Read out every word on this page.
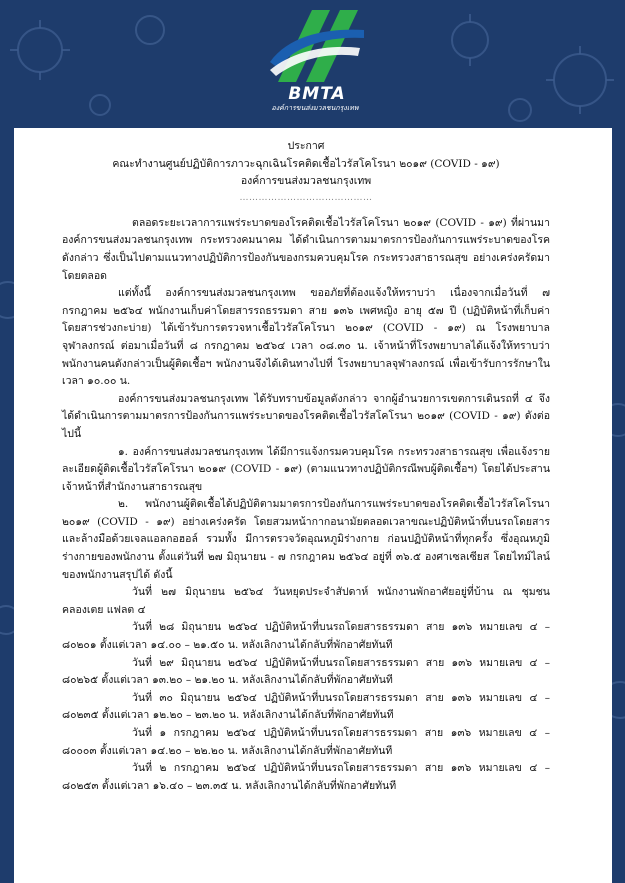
BMTA
องค์การขนส่งมวลชนกรุงเทพ
ประกาศ
คณะทำงานศูนย์ปฏิบัติการภาวะฉุกเฉินโรคติดเชื้อไวรัสโคโรนา ๒๐๑๙ (COVID - ๑๙)
องค์การขนส่งมวลชนกรุงเทพ
……………………………………

ตลอดระยะเวลาการแพร่ระบาดของโรคติดเชื้อไวรัสโคโรนา ๒๐๑๙ (COVID - ๑๙) ที่ผ่านมาองค์การขนส่งมวลชนกรุงเทพ กระทรวงคมนาคม ได้ดำเนินการตามมาตรการป้องกันการแพร่ระบาดของโรคดังกล่าว ซึ่งเป็นไปตามแนวทางปฏิบัติการป้องกันของกรมควบคุมโรค กระทรวงสาธารณสุข อย่างเคร่งครัดมาโดยตลอด

แต่ทั้งนี้ องค์การขนส่งมวลชนกรุงเทพ ขออภัยที่ต้องแจ้งให้ทราบว่า เนื่องจากเมื่อวันที่ ๗ กรกฎาคม ๒๕๖๔ พนักงานเก็บค่าโดยสารรถธรรมดา สาย ๑๓๖ เพศหญิง อายุ ๕๗ ปี (ปฏิบัติหน้าที่เก็บค่าโดยสารช่วงกะบ่าย) ได้เข้ารับการตรวจหาเชื้อไวรัสโคโรนา ๒๐๑๙ (COVID - ๑๙) ณ โรงพยาบาลจุฬาลงกรณ์ ต่อมาเมื่อวันที่ ๘ กรกฎาคม ๒๕๖๔ เวลา ๐๘.๓๐ น. เจ้าหน้าที่โรงพยาบาลได้แจ้งให้ทราบว่าพนักงานคนดังกล่าวเป็นผู้ติดเชื้อฯ พนักงานจึงได้เดินทางไปที่ โรงพยาบาลจุฬาลงกรณ์ เพื่อเข้ารับการรักษาในเวลา ๑๐.๐๐ น.

องค์การขนส่งมวลชนกรุงเทพ ได้รับทราบข้อมูลดังกล่าว จากผู้อำนวยการเขตการเดินรถที่ ๔ จึงได้ดำเนินการตามมาตรการป้องกันการแพร่ระบาดของโรคติดเชื้อไวรัสโคโรนา ๒๐๑๙ (COVID - ๑๙) ดังต่อไปนี้

๑. องค์การขนส่งมวลชนกรุงเทพ ได้มีการแจ้งกรมควบคุมโรค กระทรวงสาธารณสุข เพื่อแจ้งรายละเอียดผู้ติดเชื้อไวรัสโคโรนา ๒๐๑๙ (COVID - ๑๙) (ตามแนวทางปฏิบัติกรณีพบผู้ติดเชื้อฯ) โดยได้ประสานเจ้าหน้าที่สำนักงานสาธารณสุข

๒. พนักงานผู้ติดเชื้อได้ปฏิบัติตามมาตรการป้องกันการแพร่ระบาดของโรคติดเชื้อไวรัสโคโรนา ๒๐๑๙ (COVID - ๑๙) อย่างเคร่งครัด โดยสวมหน้ากากอนามัยตลอดเวลาขณะปฏิบัติหน้าที่บนรถโดยสาร และล้างมือด้วยเจลแอลกอฮอล์ รวมทั้ง มีการตรวจวัดอุณหภูมิร่างกาย ก่อนปฏิบัติหน้าที่ทุกครั้ง ซึ่งอุณหภูมิร่างกายของพนักงาน ตั้งแต่วันที่ ๒๗ มิถุนายน - ๗ กรกฎาคม ๒๕๖๔ อยู่ที่ ๓๖.๕ องศาเซลเซียส โดยไทม์ไลน์ของพนักงานสรุปได้ ดังนี้

วันที่ ๒๗ มิถุนายน ๒๕๖๔ วันหยุดประจำสัปดาห์ พนักงานพักอาศัยอยู่ที่บ้าน ณ ชุมชนคลองเตย แฟลต ๔

วันที่ ๒๘ มิถุนายน ๒๕๖๔ ปฏิบัติหน้าที่บนรถโดยสารธรรมดา สาย ๑๓๖ หมายเลข ๔ – ๘๐๒๐๑ ตั้งแต่เวลา ๑๔.๐๐ – ๒๑.๕๐ น. หลังเลิกงานได้กลับที่พักอาศัยทันที

วันที่ ๒๙ มิถุนายน ๒๕๖๔ ปฏิบัติหน้าที่บนรถโดยสารธรรมดา สาย ๑๓๖ หมายเลข ๔ – ๘๐๒๖๕ ตั้งแต่เวลา ๑๓.๒๐ – ๒๑.๒๐ น. หลังเลิกงานได้กลับที่พักอาศัยทันที

วันที่ ๓๐ มิถุนายน ๒๕๖๔ ปฏิบัติหน้าที่บนรถโดยสารธรรมดา สาย ๑๓๖ หมายเลข ๔ – ๘๐๒๓๕ ตั้งแต่เวลา ๑๒.๒๐ – ๒๓.๒๐ น. หลังเลิกงานได้กลับที่พักอาศัยทันที

วันที่ ๑ กรกฎาคม ๒๕๖๔ ปฏิบัติหน้าที่บนรถโดยสารธรรมดา สาย ๑๓๖ หมายเลข ๔ – ๘๐๐๐๓ ตั้งแต่เวลา ๑๔.๒๐ – ๒๒.๒๐ น. หลังเลิกงานได้กลับที่พักอาศัยทันที

วันที่ ๒ กรกฎาคม ๒๕๖๔ ปฏิบัติหน้าที่บนรถโดยสารธรรมดา สาย ๑๓๖ หมายเลข ๔ – ๘๐๒๕๓ ตั้งแต่เวลา ๑๖.๔๐ – ๒๓.๓๕ น. หลังเลิกงานได้กลับที่พักอาศัยทันที
